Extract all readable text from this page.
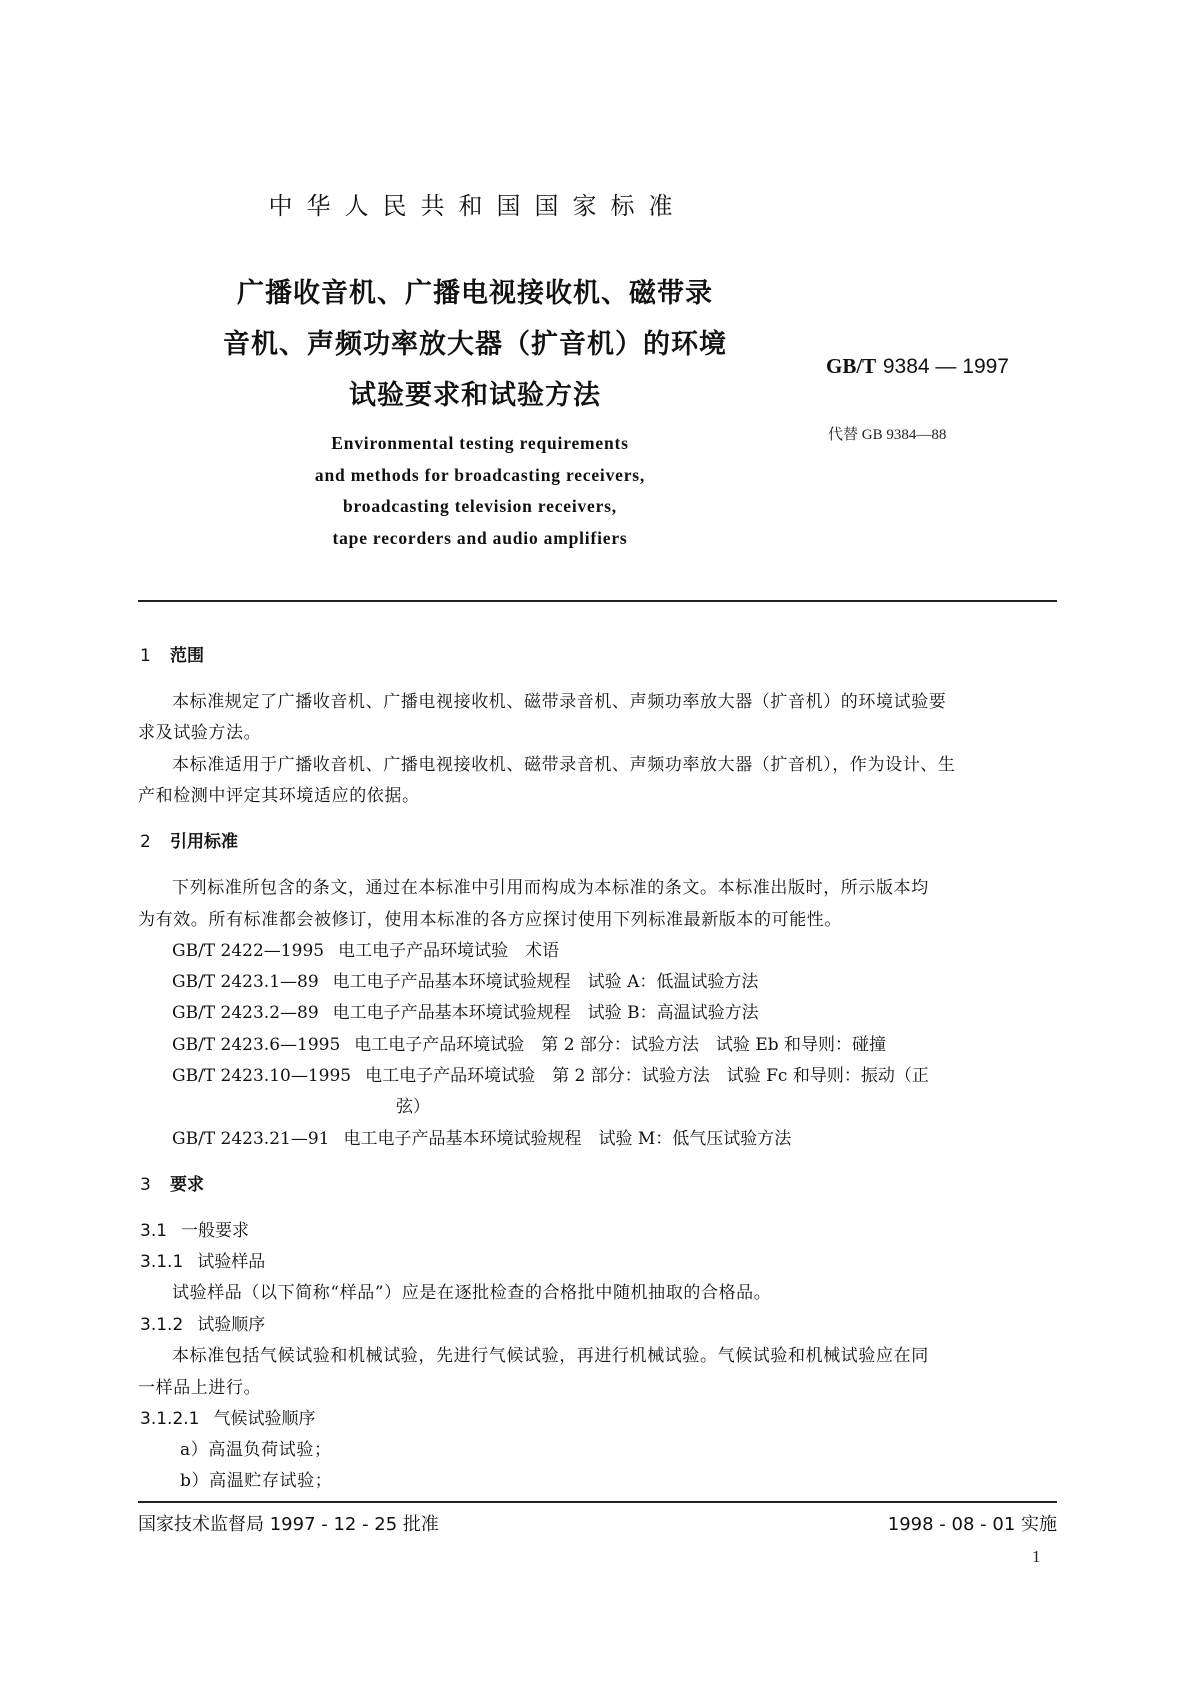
中华人民共和国国家标准
广播收音机、广播电视接收机、磁带录
音机、声频功率放大器（扩音机）的环境
试验要求和试验方法
GB/T 9384 — 1997
代替 GB 9384—88
Environmental testing requirements
and methods for broadcasting receivers,
broadcasting television receivers,
tape recorders and audio amplifiers
1 范围
本标准规定了广播收音机、广播电视接收机、磁带录音机、声频功率放大器（扩音机）的环境试验要
求及试验方法。
本标准适用于广播收音机、广播电视接收机、磁带录音机、声频功率放大器（扩音机），作为设计、生
产和检测中评定其环境适应的依据。
2 引用标准
下列标准所包含的条文，通过在本标准中引用而构成为本标准的条文。本标准出版时，所示版本均
为有效。所有标准都会被修订，使用本标准的各方应探讨使用下列标准最新版本的可能性。
GB/T 2422—1995 电工电子产品环境试验　术语
GB/T 2423.1—89 电工电子产品基本环境试验规程　试验 A：低温试验方法
GB/T 2423.2—89 电工电子产品基本环境试验规程　试验 B：高温试验方法
GB/T 2423.6—1995 电工电子产品环境试验　第 2 部分：试验方法　试验 Eb 和导则：碰撞
GB/T 2423.10—1995 电工电子产品环境试验　第 2 部分：试验方法　试验 Fc 和导则：振动（正
弦）
GB/T 2423.21—91 电工电子产品基本环境试验规程　试验 M：低气压试验方法
3 要求
3.1 一般要求
3.1.1 试验样品
试验样品（以下简称“样品”）应是在逐批检查的合格批中随机抽取的合格品。
3.1.2 试验顺序
本标准包括气候试验和机械试验，先进行气候试验，再进行机械试验。气候试验和机械试验应在同
一样品上进行。
3.1.2.1 气候试验顺序
a）高温负荷试验；
b）高温贮存试验；
国家技术监督局 1997 - 12 - 25 批准	1998 - 08 - 01 实施
1
